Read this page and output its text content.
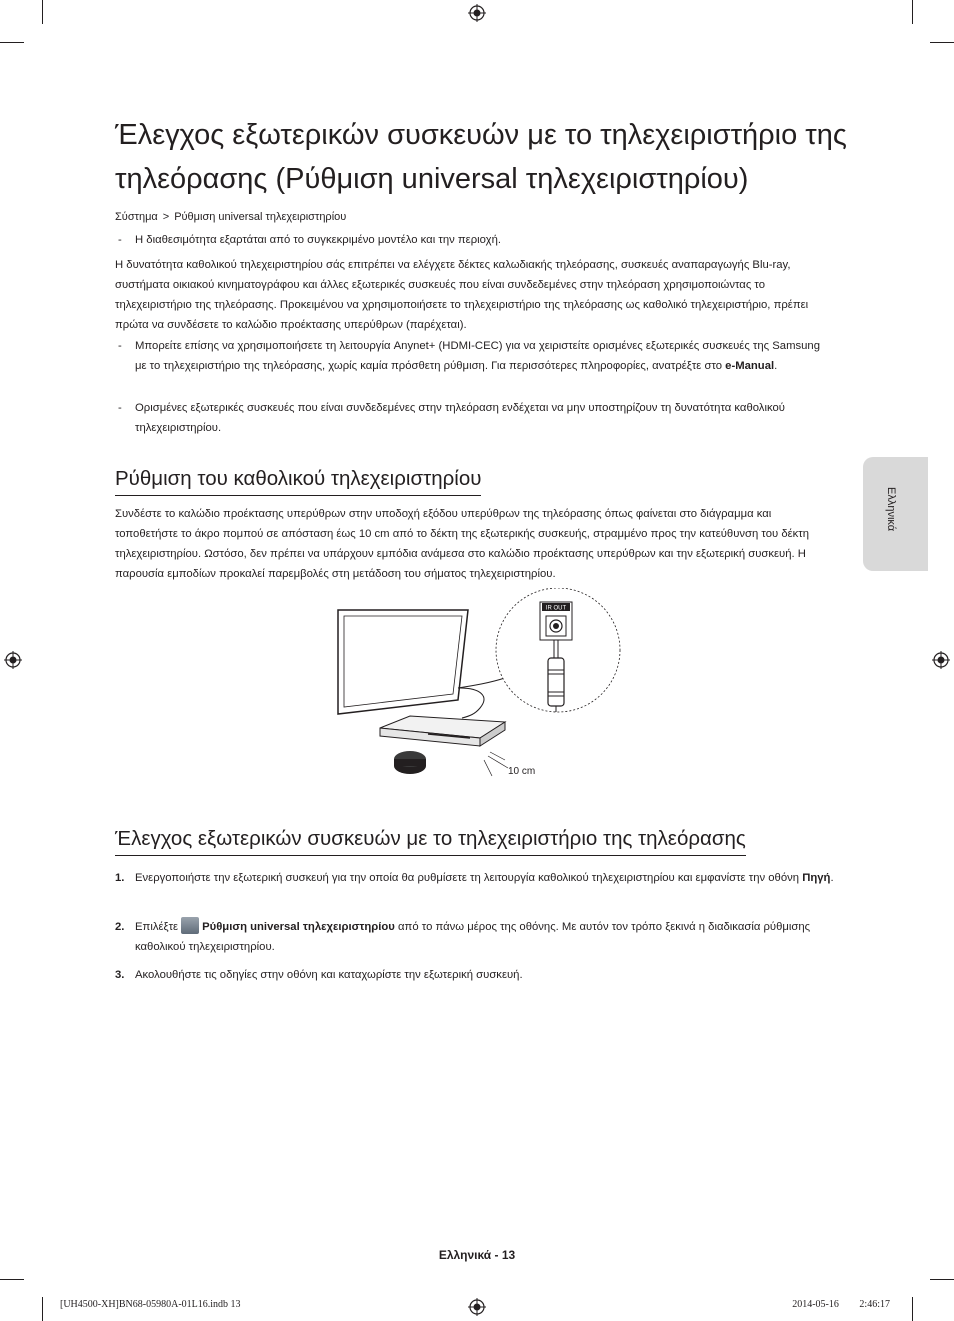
Έλεγχος εξωτερικών συσκευών με το τηλεχειριστήριο της τηλεόρασης (Ρύθμιση universal τηλεχειριστηρίου)
Σύστημα > Ρύθμιση universal τηλεχειριστηρίου

- Η διαθεσιμότητα εξαρτάται από το συγκεκριμένο μοντέλο και την περιοχή.

Η δυνατότητα καθολικού τηλεχειριστηρίου σάς επιτρέπει να ελέγχετε δέκτες καλωδιακής τηλεόρασης, συσκευές αναπαραγωγής Blu-ray, συστήματα οικιακού κινηματογράφου και άλλες εξωτερικές συσκευές που είναι συνδεδεμένες στην τηλεόραση χρησιμοποιώντας το τηλεχειριστήριο της τηλεόρασης. Προκειμένου να χρησιμοποιήσετε το τηλεχειριστήριο της τηλεόρασης ως καθολικό τηλεχειριστήριο, πρέπει πρώτα να συνδέσετε το καλώδιο προέκτασης υπερύθρων (παρέχεται).

- Μπορείτε επίσης να χρησιμοποιήσετε τη λειτουργία Anynet+ (HDMI-CEC) για να χειριστείτε ορισμένες εξωτερικές συσκευές της Samsung με το τηλεχειριστήριο της τηλεόρασης, χωρίς καμία πρόσθετη ρύθμιση. Για περισσότερες πληροφορίες, ανατρέξτε στο e-Manual.

- Ορισμένες εξωτερικές συσκευές που είναι συνδεδεμένες στην τηλεόραση ενδέχεται να μην υποστηρίζουν τη δυνατότητα καθολικού τηλεχειριστηρίου.

Ρύθμιση του καθολικού τηλεχειριστηρίου

Συνδέστε το καλώδιο προέκτασης υπερύθρων στην υποδοχή εξόδου υπερύθρων της τηλεόρασης όπως φαίνεται στο διάγραμμα και τοποθετήστε το άκρο πομπού σε απόσταση έως 10 cm από το δέκτη της εξωτερικής συσκευής, στραμμένο προς την κατεύθυνση του δέκτη τηλεχειριστηρίου. Ωστόσο, δεν πρέπει να υπάρχουν εμπόδια ανάμεσα στο καλώδιο προέκτασης υπερύθρων και την εξωτερική συσκευή. Η παρουσία εμποδίων προκαλεί παρεμβολές στη μετάδοση του σήματος τηλεχειριστηρίου.

IR OUT
10 cm
Έλεγχος εξωτερικών συσκευών με το τηλεχειριστήριο της τηλεόρασης

1. Ενεργοποιήστε την εξωτερική συσκευή για την οποία θα ρυθμίσετε τη λειτουργία καθολικού τηλεχειριστηρίου και εμφανίστε την οθόνη Πηγή.

2. Επιλέξτε Ρύθμιση universal τηλεχειριστηρίου από το πάνω μέρος της οθόνης. Με αυτόν τον τρόπο ξεκινά η διαδικασία ρύθμισης καθολικού τηλεχειριστηρίου.

3. Ακολουθήστε τις οδηγίες στην οθόνη και καταχωρίστε την εξωτερική συσκευή.

Ελληνικά
Ελληνικά - 13
[UH4500-XH]BN68-05980A-01L16.indb 13	2014-05-16 ￿￿ 2:46:17
